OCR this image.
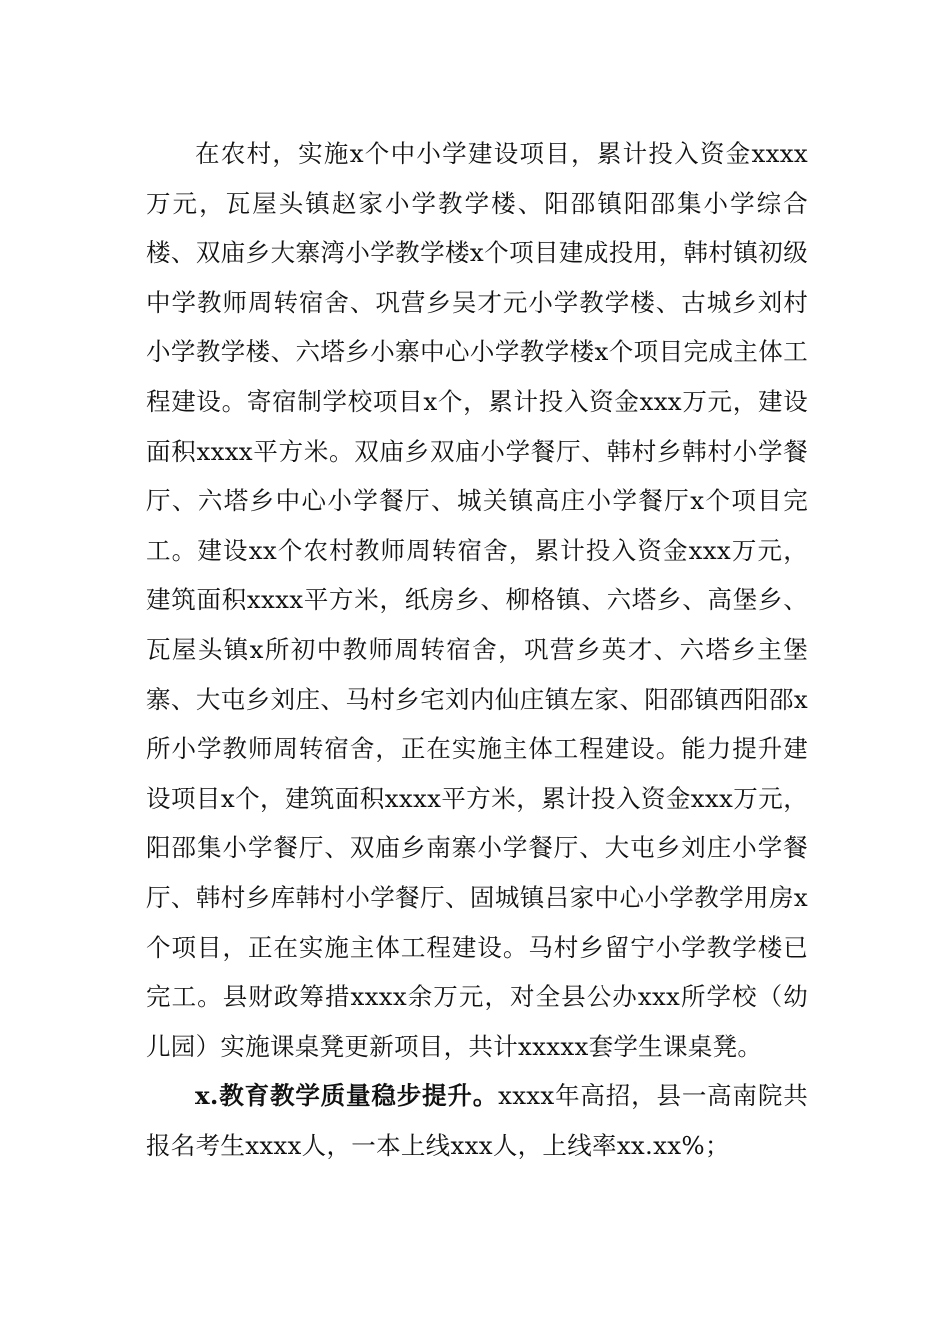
在农村，实施x个中小学建设项目，累计投入资金xxxx万元，瓦屋头镇赵家小学教学楼、阳邵镇阳邵集小学综合楼、双庙乡大寨湾小学教学楼x个项目建成投用，韩村镇初级中学教师周转宿舍、巩营乡吴才元小学教学楼、古城乡刘村小学教学楼、六塔乡小寨中心小学教学楼x个项目完成主体工程建设。寄宿制学校项目x个，累计投入资金xxx万元，建设面积xxxx平方米。双庙乡双庙小学餐厅、韩村乡韩村小学餐厅、六塔乡中心小学餐厅、城关镇高庄小学餐厅x个项目完工。建设xx个农村教师周转宿舍，累计投入资金xxx万元，建筑面积xxxx平方米，纸房乡、柳格镇、六塔乡、高堡乡、瓦屋头镇x所初中教师周转宿舍，巩营乡英才、六塔乡主堡寨、大屯乡刘庄、马村乡宅刘内仙庄镇左家、阳邵镇西阳邵x所小学教师周转宿舍，正在实施主体工程建设。能力提升建设项目x个，建筑面积xxxx平方米，累计投入资金xxx万元，阳邵集小学餐厅、双庙乡南寨小学餐厅、大屯乡刘庄小学餐厅、韩村乡库韩村小学餐厅、固城镇吕家中心小学教学用房x个项目，正在实施主体工程建设。马村乡留宁小学教学楼已完工。县财政筹措xxxx余万元，对全县公办xxx所学校（幼儿园）实施课桌凳更新项目，共计xxxxx套学生课桌凳。

x.教育教学质量稳步提升。xxxx年高招，县一高南院共报名考生xxxx人，一本上线xxx人，上线率xx.xx%；
